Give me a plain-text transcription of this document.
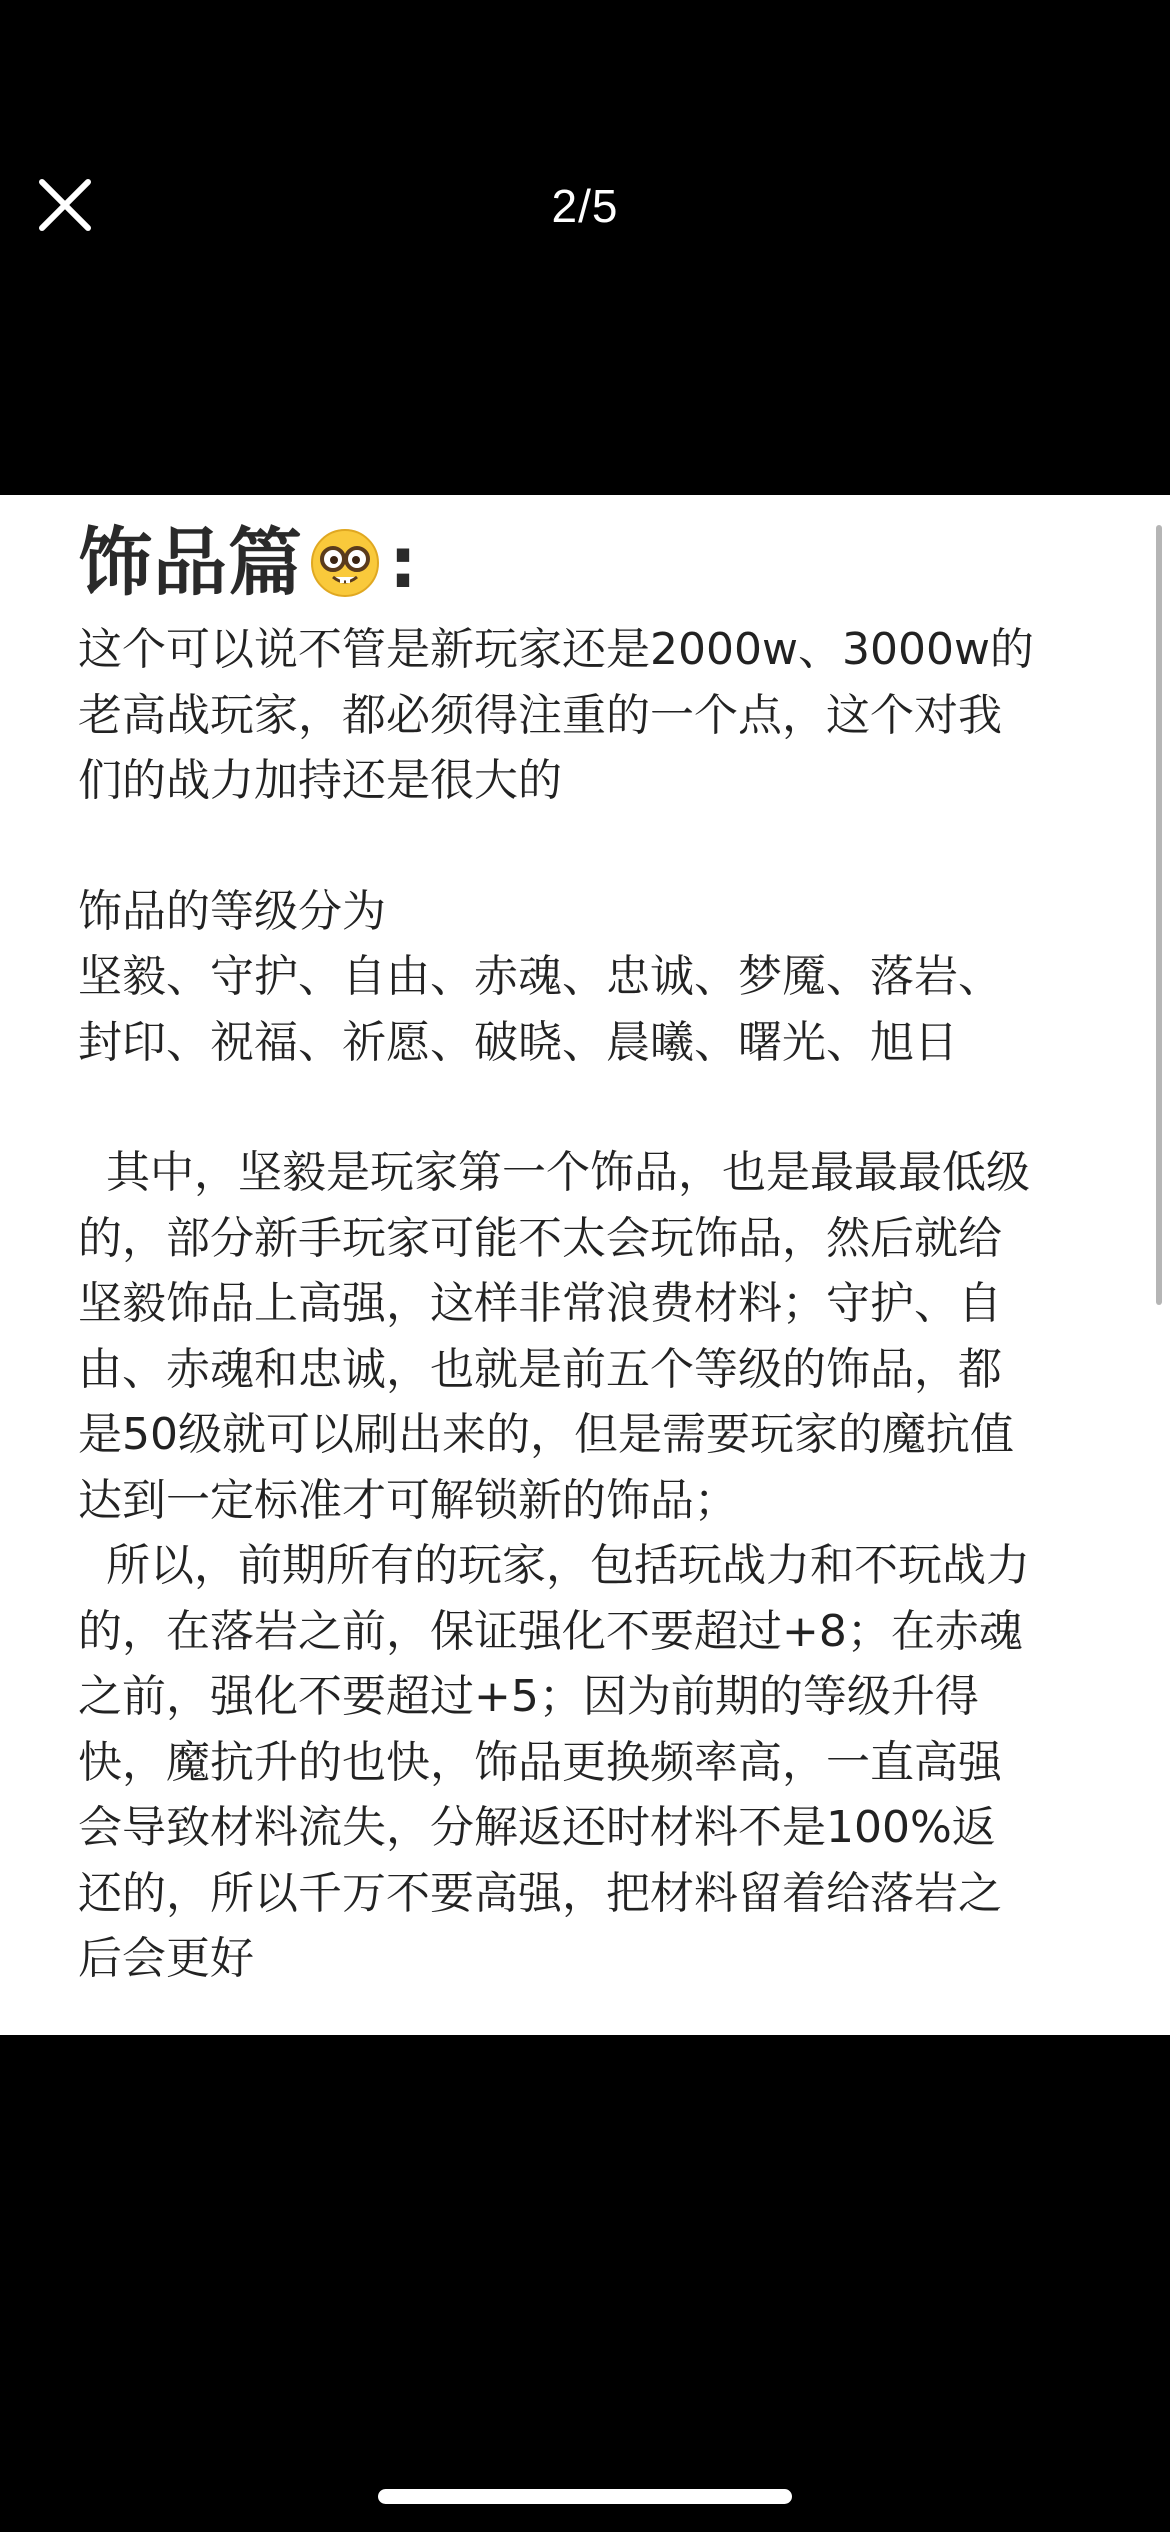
2/5
饰品篇 :

这个可以说不管是新玩家还是2000w、3000w的
老高战玩家，都必须得注重的一个点，这个对我
们的战力加持还是很大的

饰品的等级分为
坚毅、守护、自由、赤魂、忠诚、梦魇、落岩、
封印、祝福、祈愿、破晓、晨曦、曙光、旭日

其中，坚毅是玩家第一个饰品，也是最最最低级
的，部分新手玩家可能不太会玩饰品，然后就给
坚毅饰品上高强，这样非常浪费材料；守护、自
由、赤魂和忠诚，也就是前五个等级的饰品，都
是50级就可以刷出来的，但是需要玩家的魔抗值
达到一定标准才可解锁新的饰品；
所以，前期所有的玩家，包括玩战力和不玩战力
的，在落岩之前，保证强化不要超过+8；在赤魂
之前，强化不要超过+5；因为前期的等级升得
快，魔抗升的也快，饰品更换频率高，一直高强
会导致材料流失，分解返还时材料不是100%返
还的，所以千万不要高强，把材料留着给落岩之
后会更好
